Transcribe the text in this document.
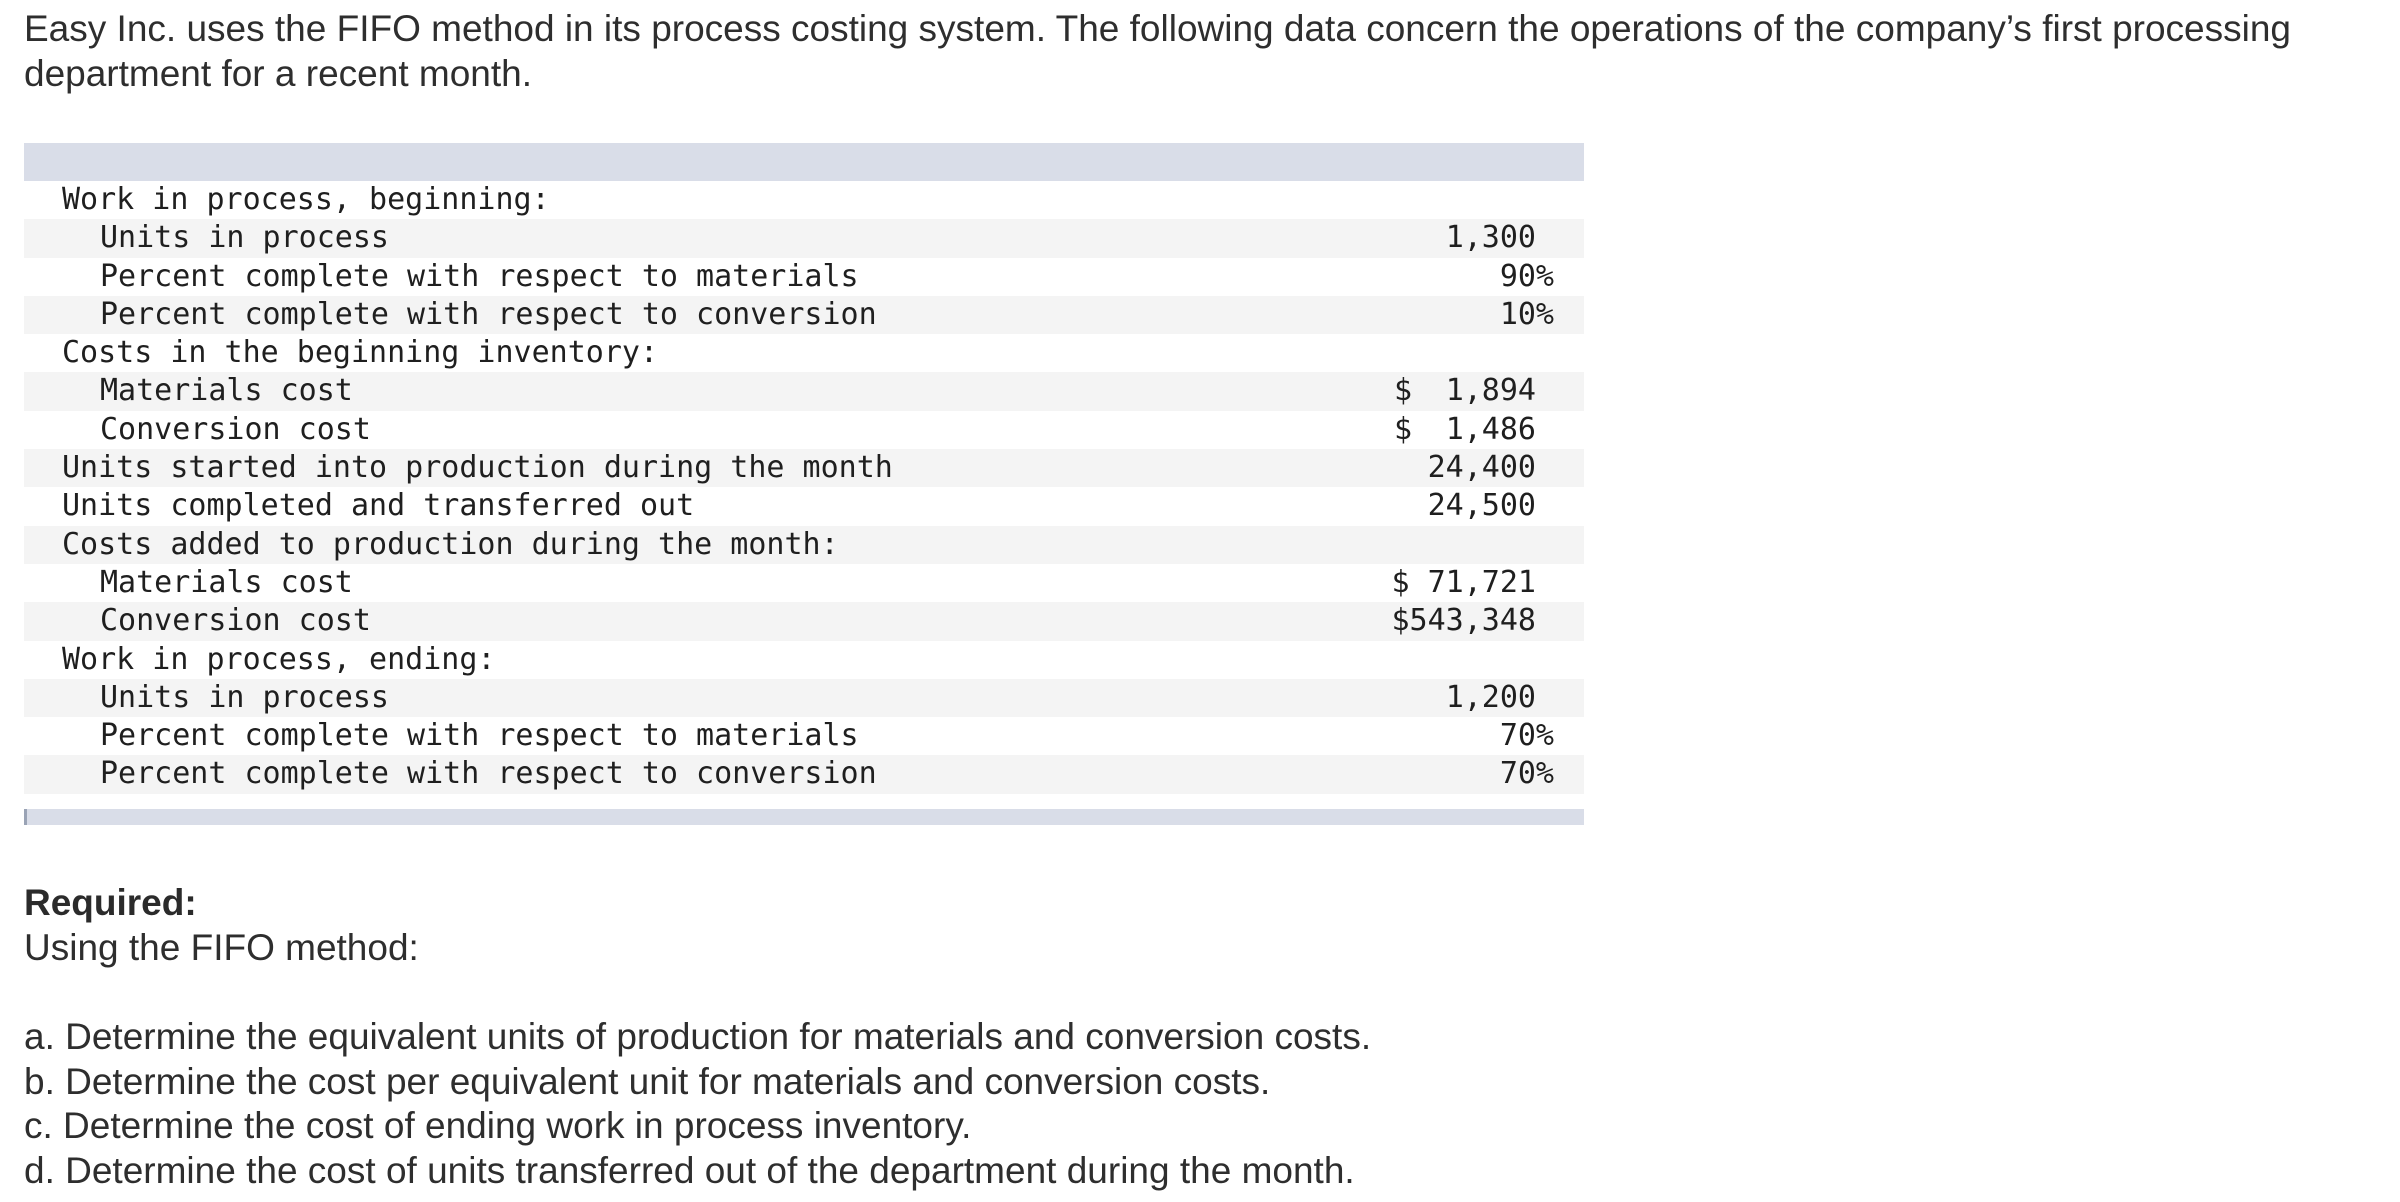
Easy Inc. uses the FIFO method in its process costing system. The following data concern the operations of the company’s first processing department for a recent month.

Work in process, beginning:
Units in process	1,300
Percent complete with respect to materials	90%
Percent complete with respect to conversion	10%
Costs in the beginning inventory:
Materials cost	$ 1,894
Conversion cost	$ 1,486
Units started into production during the month	24,400
Units completed and transferred out	24,500
Costs added to production during the month:
Materials cost	$ 71,721
Conversion cost	$543,348
Work in process, ending:
Units in process	1,200
Percent complete with respect to materials	70%
Percent complete with respect to conversion	70%

Required:

Using the FIFO method:

a. Determine the equivalent units of production for materials and conversion costs.
b. Determine the cost per equivalent unit for materials and conversion costs.
c. Determine the cost of ending work in process inventory.
d. Determine the cost of units transferred out of the department during the month.
